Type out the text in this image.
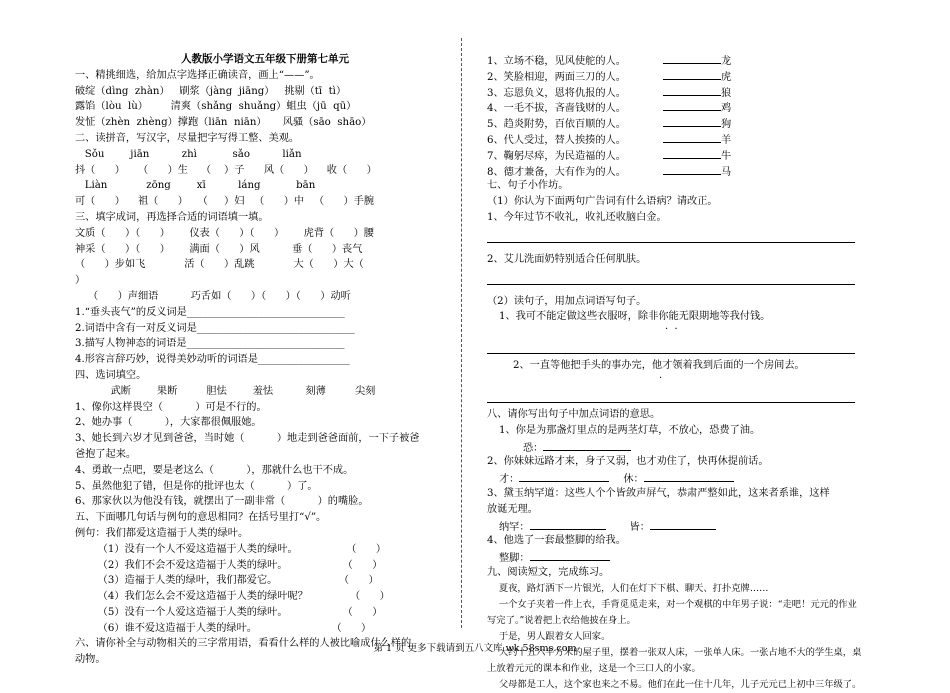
人教版小学语文五年级下册第七单元
一、精挑细选，给加点字选择正确读音，画上“——”。
破绽（dìng  zhàn）   刷浆（jàng  jiāng）   挑剔（tī  tì）
露馅（lòu  lù）       清爽（shǎng  shuǎng）蛆虫（jū  qū）
发怔（zhèn  zhèng）撑跑（liān  niān）     风骚（sāo  shāo）
二、读拼音，写汉字，尽量把字写得工整、美观。
Sǒu        jiān          zhì           sǎo          liǎn
抖（      ）    （      ）生    （    ）子      风（      ）    收（      ）
Liàn            zōng        xī          láng           bān
可（      ）    祖（      ）   （     ）妇   （      ）中   （      ）手腕
三、填字成词，再选择合适的词语填一填。
文质（      ）（      ）      仪表（      ）（      ）      虎背（      ）腰
神采（      ）（      ）      满面（      ）风          垂（      ）丧气
（      ）步如飞            活（      ）乱跳            大（      ）大（
）
（      ）声细语          巧舌如（      ）（      ）（      ）动听
1.“垂头丧气”的反义词是_______________________________
2.词语中含有一对反义词是_______________________________
3.描写人物神态的词语是_______________________________
4.形容言辞巧妙，说得美妙动听的词语是__________________
四、选词填空。
武断        果断         胆怯        羞怯          刻薄         尖刻
1、像你这样畏空（          ）可是不行的。
2、她办事（          ），大家都很佩服她。
3、她长到六岁才见到爸爸，当时她（          ）地走到爸爸面前，一下子被爸
爸抱了起来。
4、勇敢一点吧，要是老这么（          ），那就什么也干不成。
5、虽然他犯了错，但是你的批评也太（          ）了。
6、那家伙以为他没有钱，就摆出了一副非常（          ）的嘴脸。
五、下面哪几句话与例句的意思相同？在括号里打“√”。
例句：我们都爱这造福于人类的绿叶。
（1）没有一个人不爱这造福于人类的绿叶。               （      ）
（2）我们不会不爱这造福于人类的绿叶。                 （      ）
（3）造福于人类的绿叶，我们都爱它。                   （      ）
（4）我们怎么会不爱这造福于人类的绿叶呢？             （      ）
（5）没有一个人爱这造福于人类的绿叶。                 （      ）
（6）谁不爱这造福于人类的绿叶。                       （      ）
六、请你补全与动物相关的三字常用语，看看什么样的人被比喻成什么样的
动物。
1、立场不稳，见风使舵的人。	龙
2、笑脸相迎，两面三刀的人。	虎
3、忘恩负义，恩将仇报的人。	狼
4、一毛不拔，吝啬钱财的人。	鸡
5、趋炎附势，百依百顺的人。	狗
6、代人受过，替人挨揍的人。	羊
7、鞠躬尽瘁，为民造福的人。	牛
8、德才兼备，大有作为的人。	马
七、句子小作坊。
（1）你认为下面两句广告词有什么语病？请改正。
1、今年过节不收礼，收礼还收脑白金。
2、艾儿洗面奶特别适合任何肌肤。
（2）读句子，用加点词语写句子。
1、我可不能定做这些衣服呀，除非你能无限期地等我付钱。
·  ·
2、一直等他把手头的事办完，他才领着我到后面的一个房间去。
·
八、请你写出句子中加点词语的意思。
1、你是为那盏灯里点的是两茎灯草，不放心，恐费了油。
恐：
2、你妹妹远路才来，身子又弱，也才劝住了，快再休提前话。
才：	休：
3、黛玉纳罕道：这些人个个皆敛声屏气，恭肃严整如此，这来者系谁，这样
放诞无理。
纳罕：	皆：
4、他选了一套最整脚的给我。
整脚：
九、阅读短文，完成练习。
夏夜，路灯洒下一片银光，人们在灯下下棋、聊天、打扑克牌……
一个女子夹着一件上衣，手背觅觅走来，对一个观棋的中年男子说：“走吧！元元的作业
写完了。”说着把上衣给他披在身上。
于是，男人跟着女人回家。
大约十五六平方米的屋子里，摆着一张双人床，一张单人床。一张占地不大的学生桌，桌
上放着元元的课本和作业，这是一个三口人的小家。
父母都是工人，这个家也来之不易。他们在此一住十几年，儿子元元已上初中三年级了。
第 1 页 更多下载请到五八文库 wk.58sms.com
